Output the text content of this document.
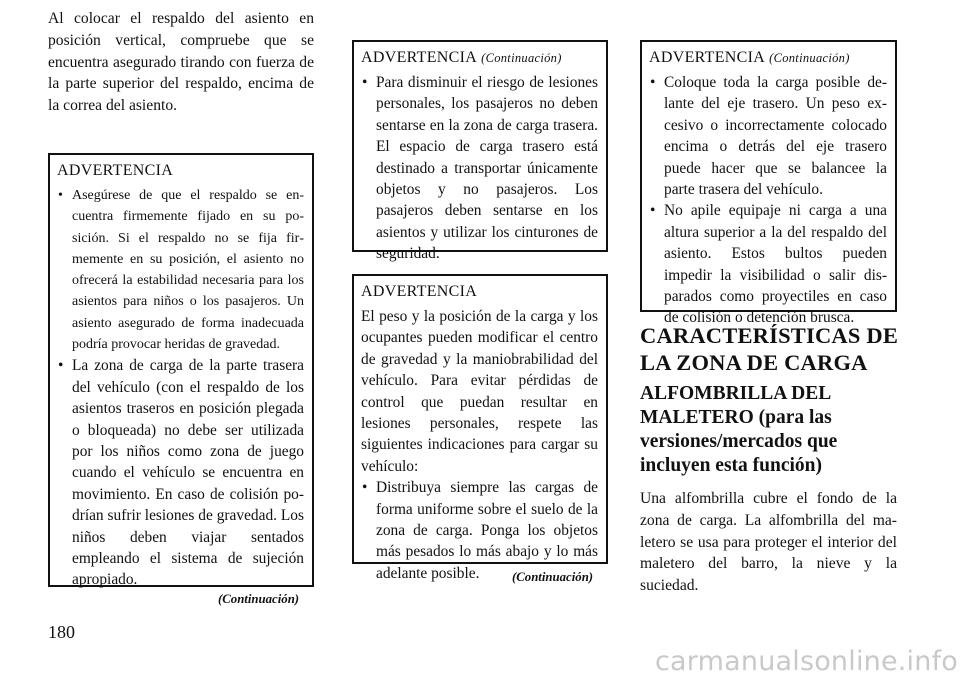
Al colocar el respaldo del asiento en posición vertical, compruebe que se encuentra asegurado tirando con fuerza de la parte superior del respaldo, encima de la correa del asiento.

ADVERTENCIA
• Asegúrese de que el respaldo se encuentra firmemente fijado en su posición. Si el respaldo no se fija firmemente en su posición, el asiento no ofrecerá la estabilidad necesaria para los asientos para niños o los pasajeros. Un asiento asegurado de forma inadecuada podría provocar heridas de gravedad.
• La zona de carga de la parte trasera del vehículo (con el respaldo de los asientos traseros en posición plegada o bloqueada) no debe ser utilizada por los niños como zona de juego cuando el vehículo se encuentra en movimiento. En caso de colisión podrían sufrir lesiones de gravedad. Los niños deben viajar sentados empleando el sistema de sujeción apropiado.
(Continuación)
ADVERTENCIA (Continuación)
• Para disminuir el riesgo de lesiones personales, los pasajeros no deben sentarse en la zona de carga trasera. El espacio de carga trasero está destinado a transportar únicamente objetos y no pasajeros. Los pasajeros deben sentarse en los asientos y utilizar los cinturones de seguridad.
ADVERTENCIA

El peso y la posición de la carga y los ocupantes pueden modificar el centro de gravedad y la maniobrabilidad del vehículo. Para evitar pérdidas de control que puedan resultar en lesiones personales, respete las siguientes indicaciones para cargar su vehículo:

• Distribuya siempre las cargas de forma uniforme sobre el suelo de la zona de carga. Ponga los objetos más pesados lo más abajo y lo más adelante posible.	(Continuación)
ADVERTENCIA (Continuación)
• Coloque toda la carga posible delante del eje trasero. Un peso excesivo o incorrectamente colocado encima o detrás del eje trasero puede hacer que se balancee la parte trasera del vehículo.
• No apile equipaje ni carga a una altura superior a la del respaldo del asiento. Estos bultos pueden impedir la visibilidad o salir disparados como proyectiles en caso de colisión o detención brusca.
CARACTERÍSTICAS DE LA ZONA DE CARGA
ALFOMBRILLA DEL MALETERO (para las versiones/mercados que incluyen esta función)

Una alfombrilla cubre el fondo de la zona de carga. La alfombrilla del maletero se usa para proteger el interior del maletero del barro, la nieve y la suciedad.

180
carmanualsonline.info
